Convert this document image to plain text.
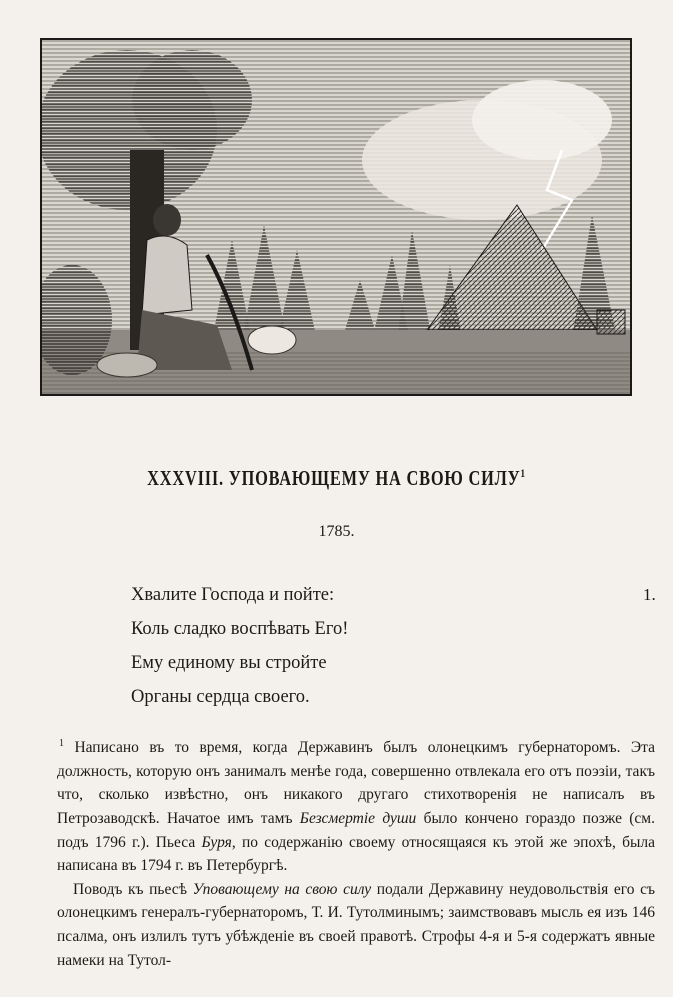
XXXVIII. УПОВАЮЩЕМУ НА СВОЮ СИЛУ$^1$
1785.
Хвалите Господа и пойте:
Коль сладко воспѣвать Его!
Ему единому вы стройте
Органы сердца своего.
1.

$^1$ Написано въ то время, когда Державинъ былъ олонецкимъ губернаторомъ. Эта должность, которую онъ занималъ менѣе года, совершенно отвлекала его отъ поэзіи, такъ что, сколько извѣстно, онъ никакого другаго стихотворенія не написалъ въ Петрозаводскѣ. Начатое имъ тамъ Безсмертіе души было кончено гораздо позже (см. подъ 1796 г.). Пьеса Буря, по содержанію своему относящаяся къ этой же эпохѣ, была написана въ 1794 г. въ Петербургѣ.

Поводъ къ пьесѣ Уповающему на свою силу подали Державину неудовольствія его съ олонецкимъ генералъ-губернаторомъ, Т. И. Тутолминымъ; заимствовавъ мысль ея изъ 146 псалма, онъ излилъ тутъ убѣжденіе въ своей правотѣ. Строфы 4-я и 5-я содержатъ явные намеки на Тутол-
